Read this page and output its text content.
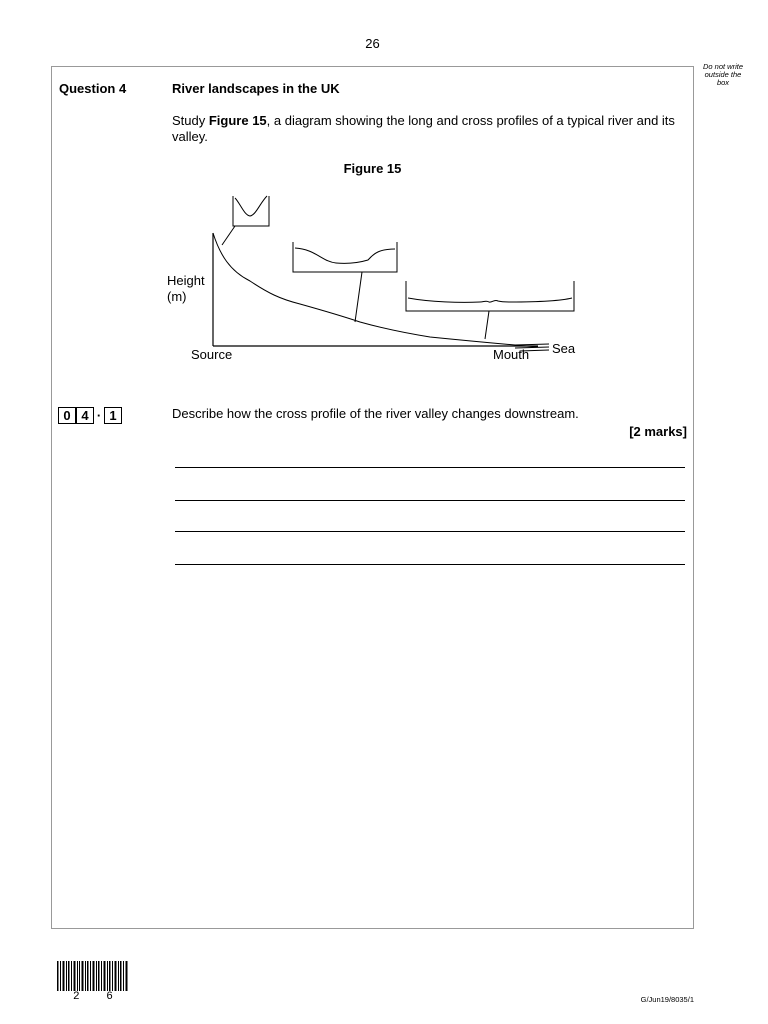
26
Do not write outside the box
Question 4	River landscapes in the UK
Study Figure 15, a diagram showing the long and cross profiles of a typical river and its valley.
Figure 15
Height
(m)
Source	Mouth Sea
0 4 · 1	Describe how the cross profile of the river valley changes downstream.
[2 marks]
2 6	G/Jun19/8035/1
